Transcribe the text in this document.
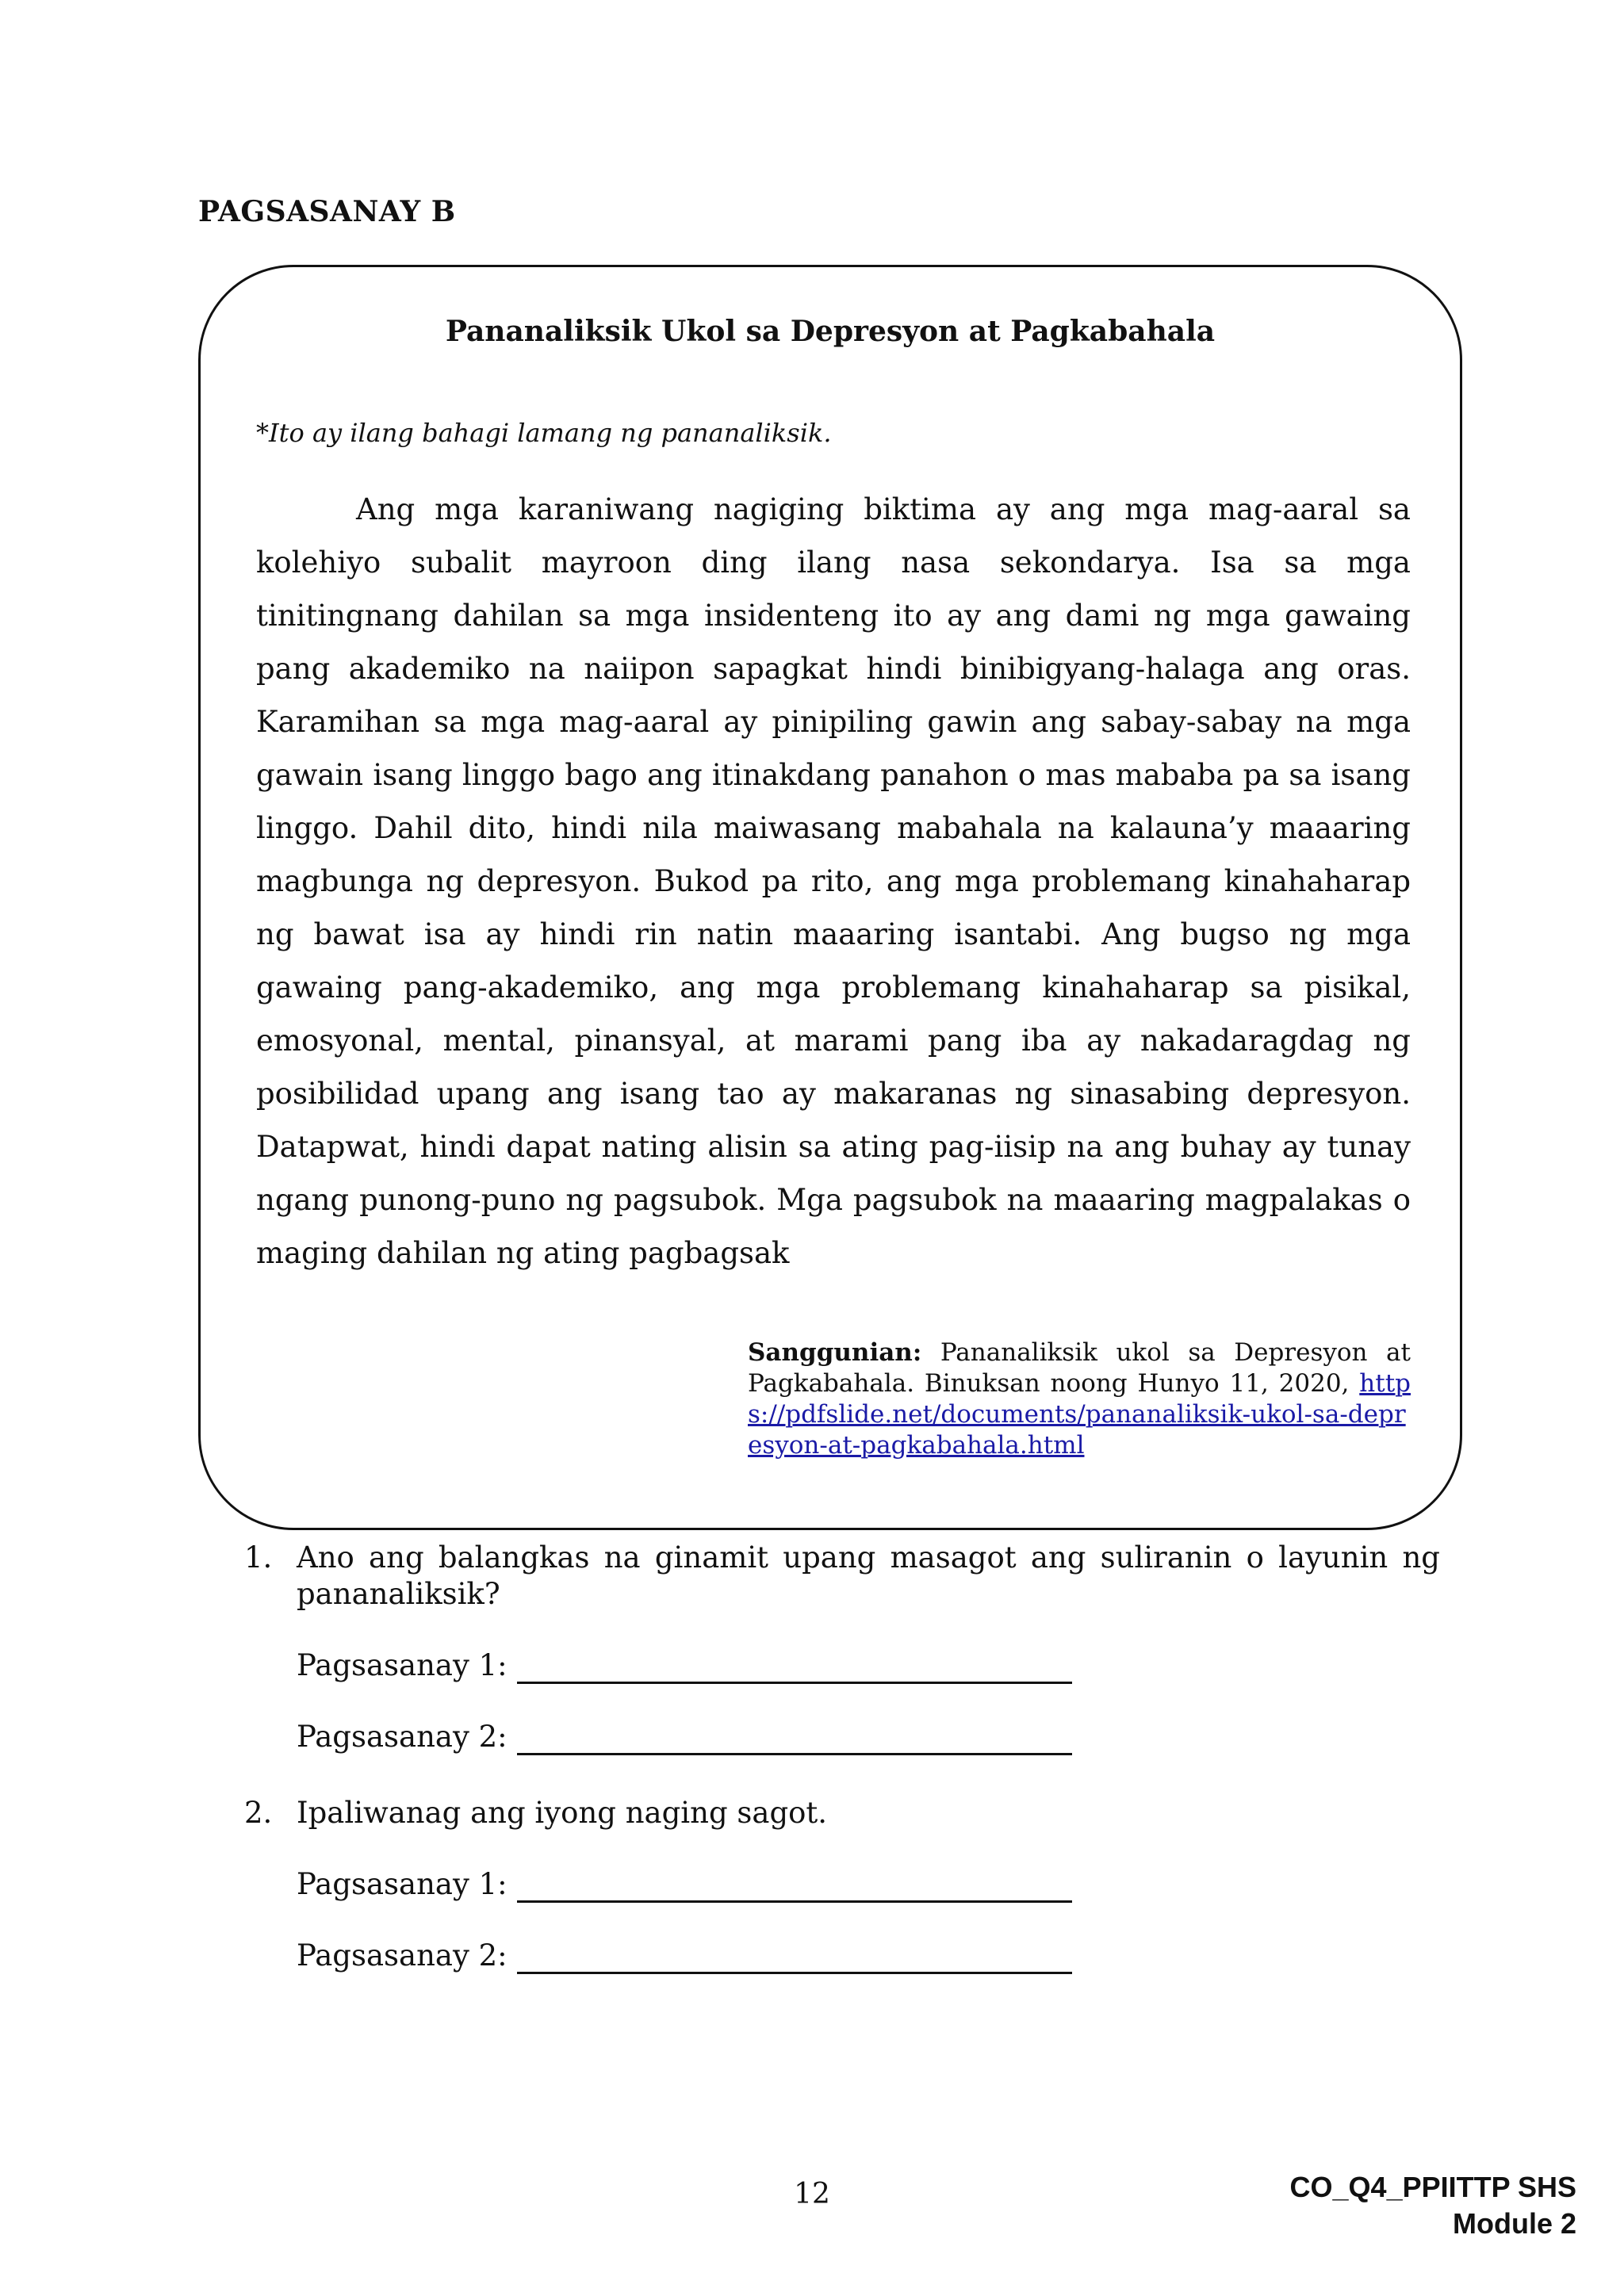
PAGSASANAY B
Pananaliksik Ukol sa Depresyon at Pagkabahala
*Ito ay ilang bahagi lamang ng pananaliksik.

Ang mga karaniwang nagiging biktima ay ang mga mag-aaral sa kolehiyo subalit mayroon ding ilang nasa sekondarya. Isa sa mga tinitingnang dahilan sa mga insidenteng ito ay ang dami ng mga gawaing pang akademiko na naiipon sapagkat hindi binibigyang-halaga ang oras. Karamihan sa mga mag-aaral ay pinipiling gawin ang sabay-sabay na mga gawain isang linggo bago ang itinakdang panahon o mas mababa pa sa isang linggo. Dahil dito, hindi nila maiwasang mabahala na kalauna’y maaaring magbunga ng depresyon. Bukod pa rito, ang mga problemang kinahaharap ng bawat isa ay hindi rin natin maaaring isantabi. Ang bugso ng mga gawaing pang-akademiko, ang mga problemang kinahaharap sa pisikal, emosyonal, mental, pinansyal, at marami pang iba ay nakadaragdag ng posibilidad upang ang isang tao ay makaranas ng sinasabing depresyon. Datapwat, hindi dapat nating alisin sa ating pag-iisip na ang buhay ay tunay ngang punong-puno ng pagsubok. Mga pagsubok na maaaring magpalakas o maging dahilan ng ating pagbagsak

Sanggunian: Pananaliksik ukol sa Depresyon at Pagkabahala. Binuksan noong Hunyo 11, 2020, https://pdfslide.net/documents/pananaliksik-ukol-sa-depresyon-at-pagkabahala.html

1. Ano ang balangkas na ginamit upang masagot ang suliranin o layunin ng pananaliksik?
Pagsasanay 1:
Pagsasanay 2:
2. Ipaliwanag ang iyong naging sagot.
Pagsasanay 1:
Pagsasanay 2:
12	CO_Q4_PPIITTP SHS
Module 2
